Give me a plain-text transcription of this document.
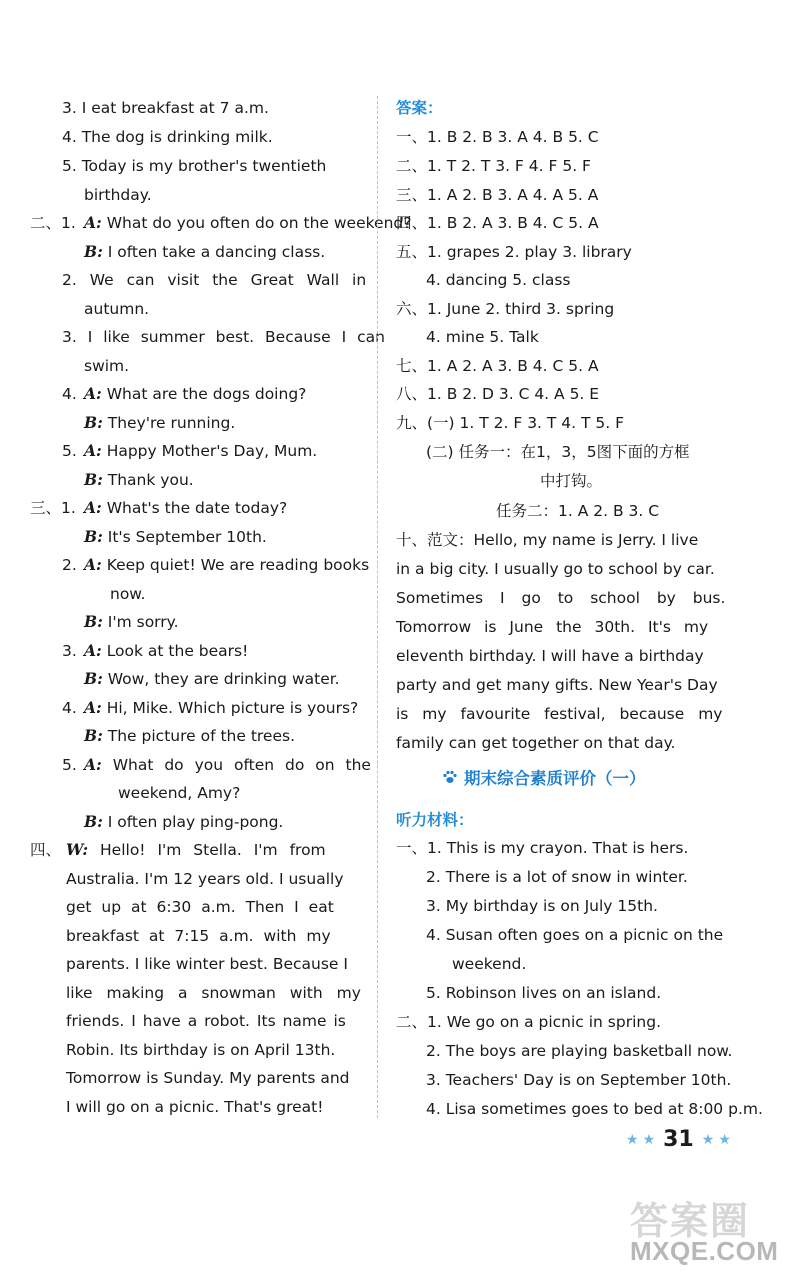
3. I eat breakfast at 7 a.m.
4. The dog is drinking milk.
5. Today is my brother's twentieth
birthday.
二、1. A: What do you often do on the weekend?
B: I often take a dancing class.
2. We can visit the Great Wall in
autumn.
3. I like summer best. Because I can
swim.
4. A: What are the dogs doing?
B: They're running.
5. A: Happy Mother's Day, Mum.
B: Thank you.
三、1. A: What's the date today?
B: It's September 10th.
2. A: Keep quiet! We are reading books
now.
B: I'm sorry.
3. A: Look at the bears!
B: Wow, they are drinking water.
4. A: Hi, Mike. Which picture is yours?
B: The picture of the trees.
5. A: What do you often do on the
weekend, Amy?
B: I often play ping-pong.
四、 W: Hello! I'm Stella. I'm from
Australia. I'm 12 years old. I usually
get up at 6:30 a.m. Then I eat
breakfast at 7:15 a.m. with my
parents. I like winter best. Because I
like making a snowman with my
friends. I have a robot. Its name is
Robin. Its birthday is on April 13th.
Tomorrow is Sunday. My parents and
I will go on a picnic. That's great!
答案：
一、1. B 2. B 3. A 4. B 5. C
二、1. T 2. T 3. F 4. F 5. F
三、1. A 2. B 3. A 4. A 5. A
四、1. B 2. A 3. B 4. C 5. A
五、1. grapes 2. play 3. library
4. dancing 5. class
六、1. June 2. third 3. spring
4. mine 5. Talk
七、1. A 2. A 3. B 4. C 5. A
八、1. B 2. D 3. C 4. A 5. E
九、(一) 1. T 2. F 3. T 4. T 5. F
(二) 任务一：在1，3，5图下面的方框
中打钩。
任务二：1. A 2. B 3. C
十、范文：Hello, my name is Jerry. I live
in a big city. I usually go to school by car.
Sometimes I go to school by bus.
Tomorrow is June the 30th. It's my
eleventh birthday. I will have a birthday
party and get many gifts. New Year's Day
is my favourite festival, because my
family can get together on that day.
听力材料：
一、1. This is my crayon. That is hers.
2. There is a lot of snow in winter.
3. My birthday is on July 15th.
4. Susan often goes on a picnic on the
weekend.
5. Robinson lives on an island.
二、1. We go on a picnic in spring.
2. The boys are playing basketball now.
3. Teachers' Day is on September 10th.
4. Lisa sometimes goes to bed at 8:00 p.m.
期末综合素质评价（一）
★ ★ 31 ★ ★
答案圈
MXQE.COM
